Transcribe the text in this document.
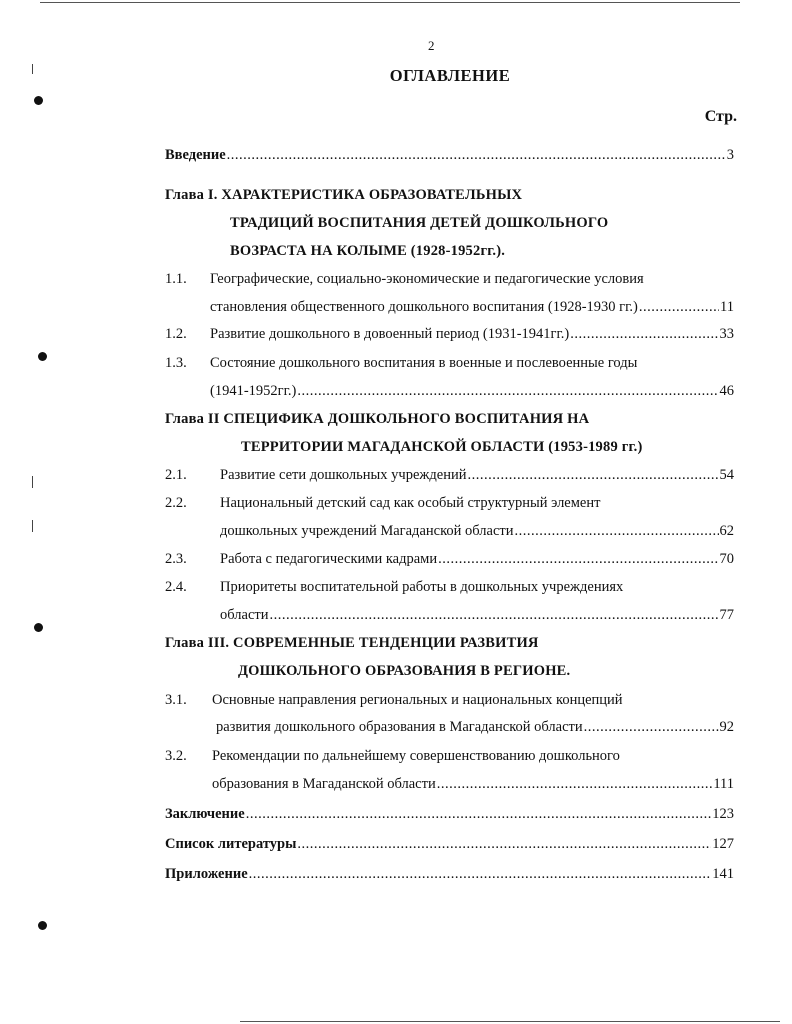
2
ОГЛАВЛЕНИЕ
Стр.
Введение .....	3
Глава I. ХАРАКТЕРИСТИКА ОБРАЗОВАТЕЛЬНЫХ
ТРАДИЦИЙ ВОСПИТАНИЯ ДЕТЕЙ ДОШКОЛЬНОГО
ВОЗРАСТА НА КОЛЫМЕ (1928-1952гг.).
1.1. Географические, социально-экономические и педагогические условия
становления общественного дошкольного воспитания (1928-1930 гг.) .....	11
1.2. Развитие дошкольного в довоенный период (1931-1941гг.) .....	33
1.3. Состояние дошкольного воспитания в военные и послевоенные годы
(1941-1952гг.) .....	46
Глава II СПЕЦИФИКА ДОШКОЛЬНОГО ВОСПИТАНИЯ НА
ТЕРРИТОРИИ МАГАДАНСКОЙ ОБЛАСТИ (1953-1989 гг.)
2.1. Развитие сети дошкольных учреждений .....	54
2.2. Национальный детский сад как особый структурный элемент
дошкольных учреждений Магаданской области .....	62
2.3. Работа с педагогическими кадрами .....	70
2.4. Приоритеты воспитательной работы в дошкольных учреждениях
области .....	77
Глава III. СОВРЕМЕННЫЕ ТЕНДЕНЦИИ РАЗВИТИЯ
ДОШКОЛЬНОГО ОБРАЗОВАНИЯ В РЕГИОНЕ.
3.1. Основные направления региональных и национальных концепций
развития дошкольного образования в Магаданской области .....	92
3.2. Рекомендации по дальнейшему совершенствованию дошкольного
образования в Магаданской области .....	111
Заключение .....	123
Список литературы .....	127
Приложение .....	141
